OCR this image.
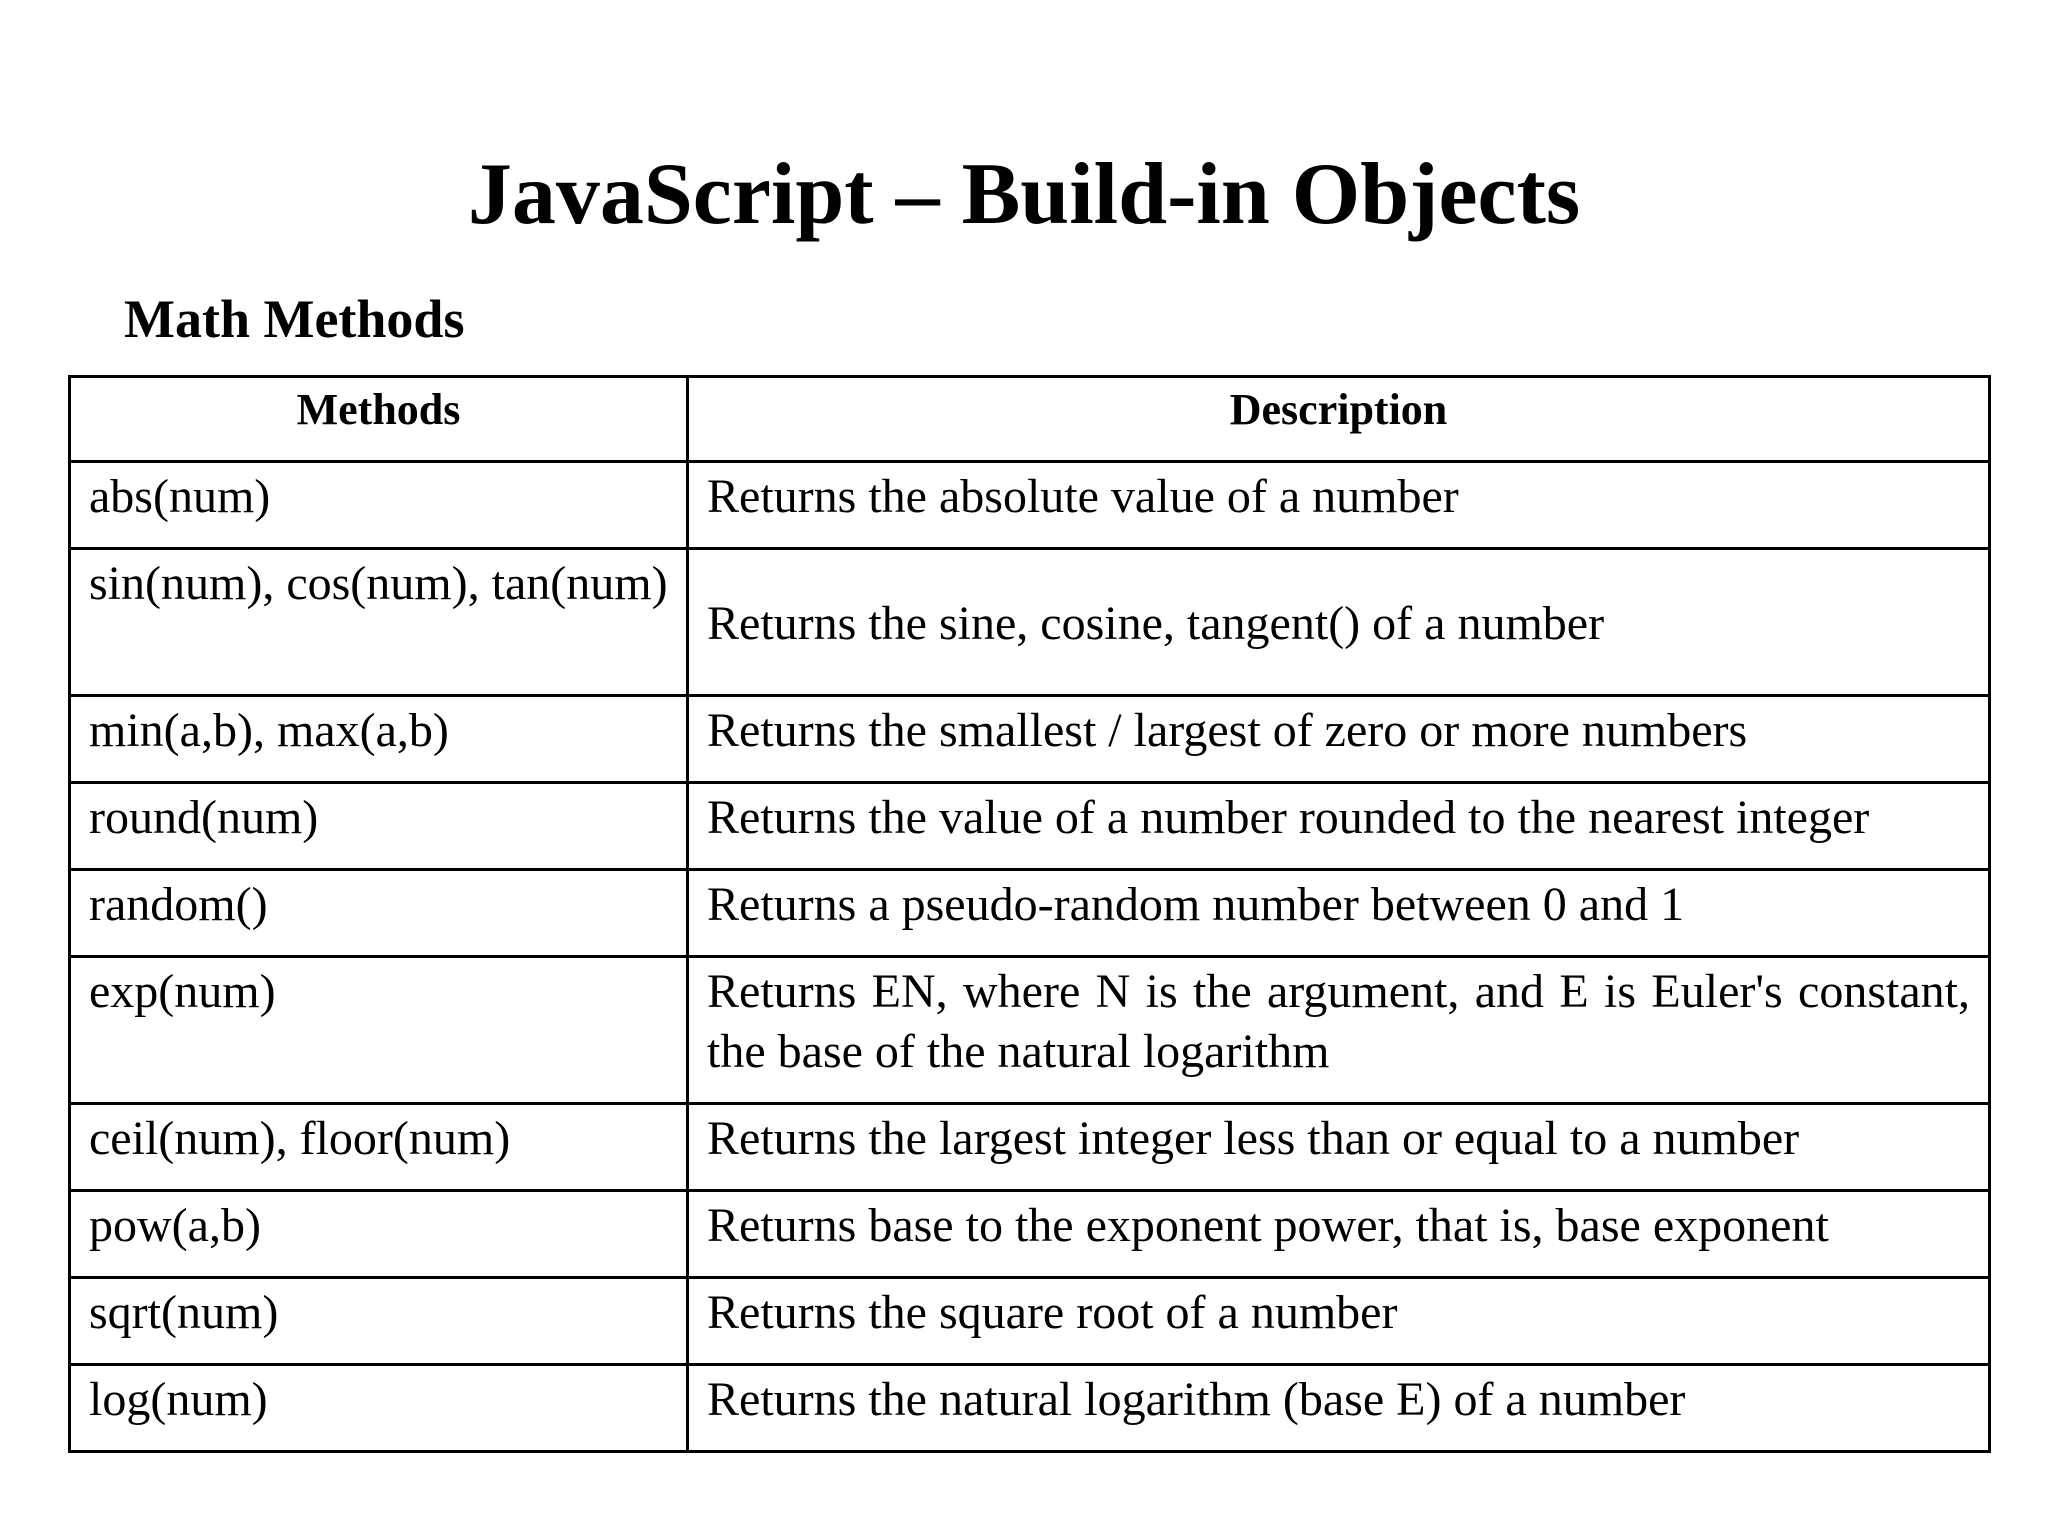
JavaScript – Build-in Objects
Math Methods
Methods	Description
abs(num)	Returns the absolute value of a number
sin(num), cos(num), tan(num)	Returns the sine, cosine, tangent() of a number
min(a,b), max(a,b)	Returns the smallest / largest of zero or more numbers
round(num)	Returns the value of a number rounded to the nearest integer
random()	Returns a pseudo-random number between 0 and 1
exp(num)	Returns EN, where N is the argument, and E is Euler's constant, the base of the natural logarithm
ceil(num), floor(num)	Returns the largest integer less than or equal to a number
pow(a,b)	Returns base to the exponent power, that is, base exponent
sqrt(num)	Returns the square root of a number
log(num)	Returns the natural logarithm (base E) of a number
